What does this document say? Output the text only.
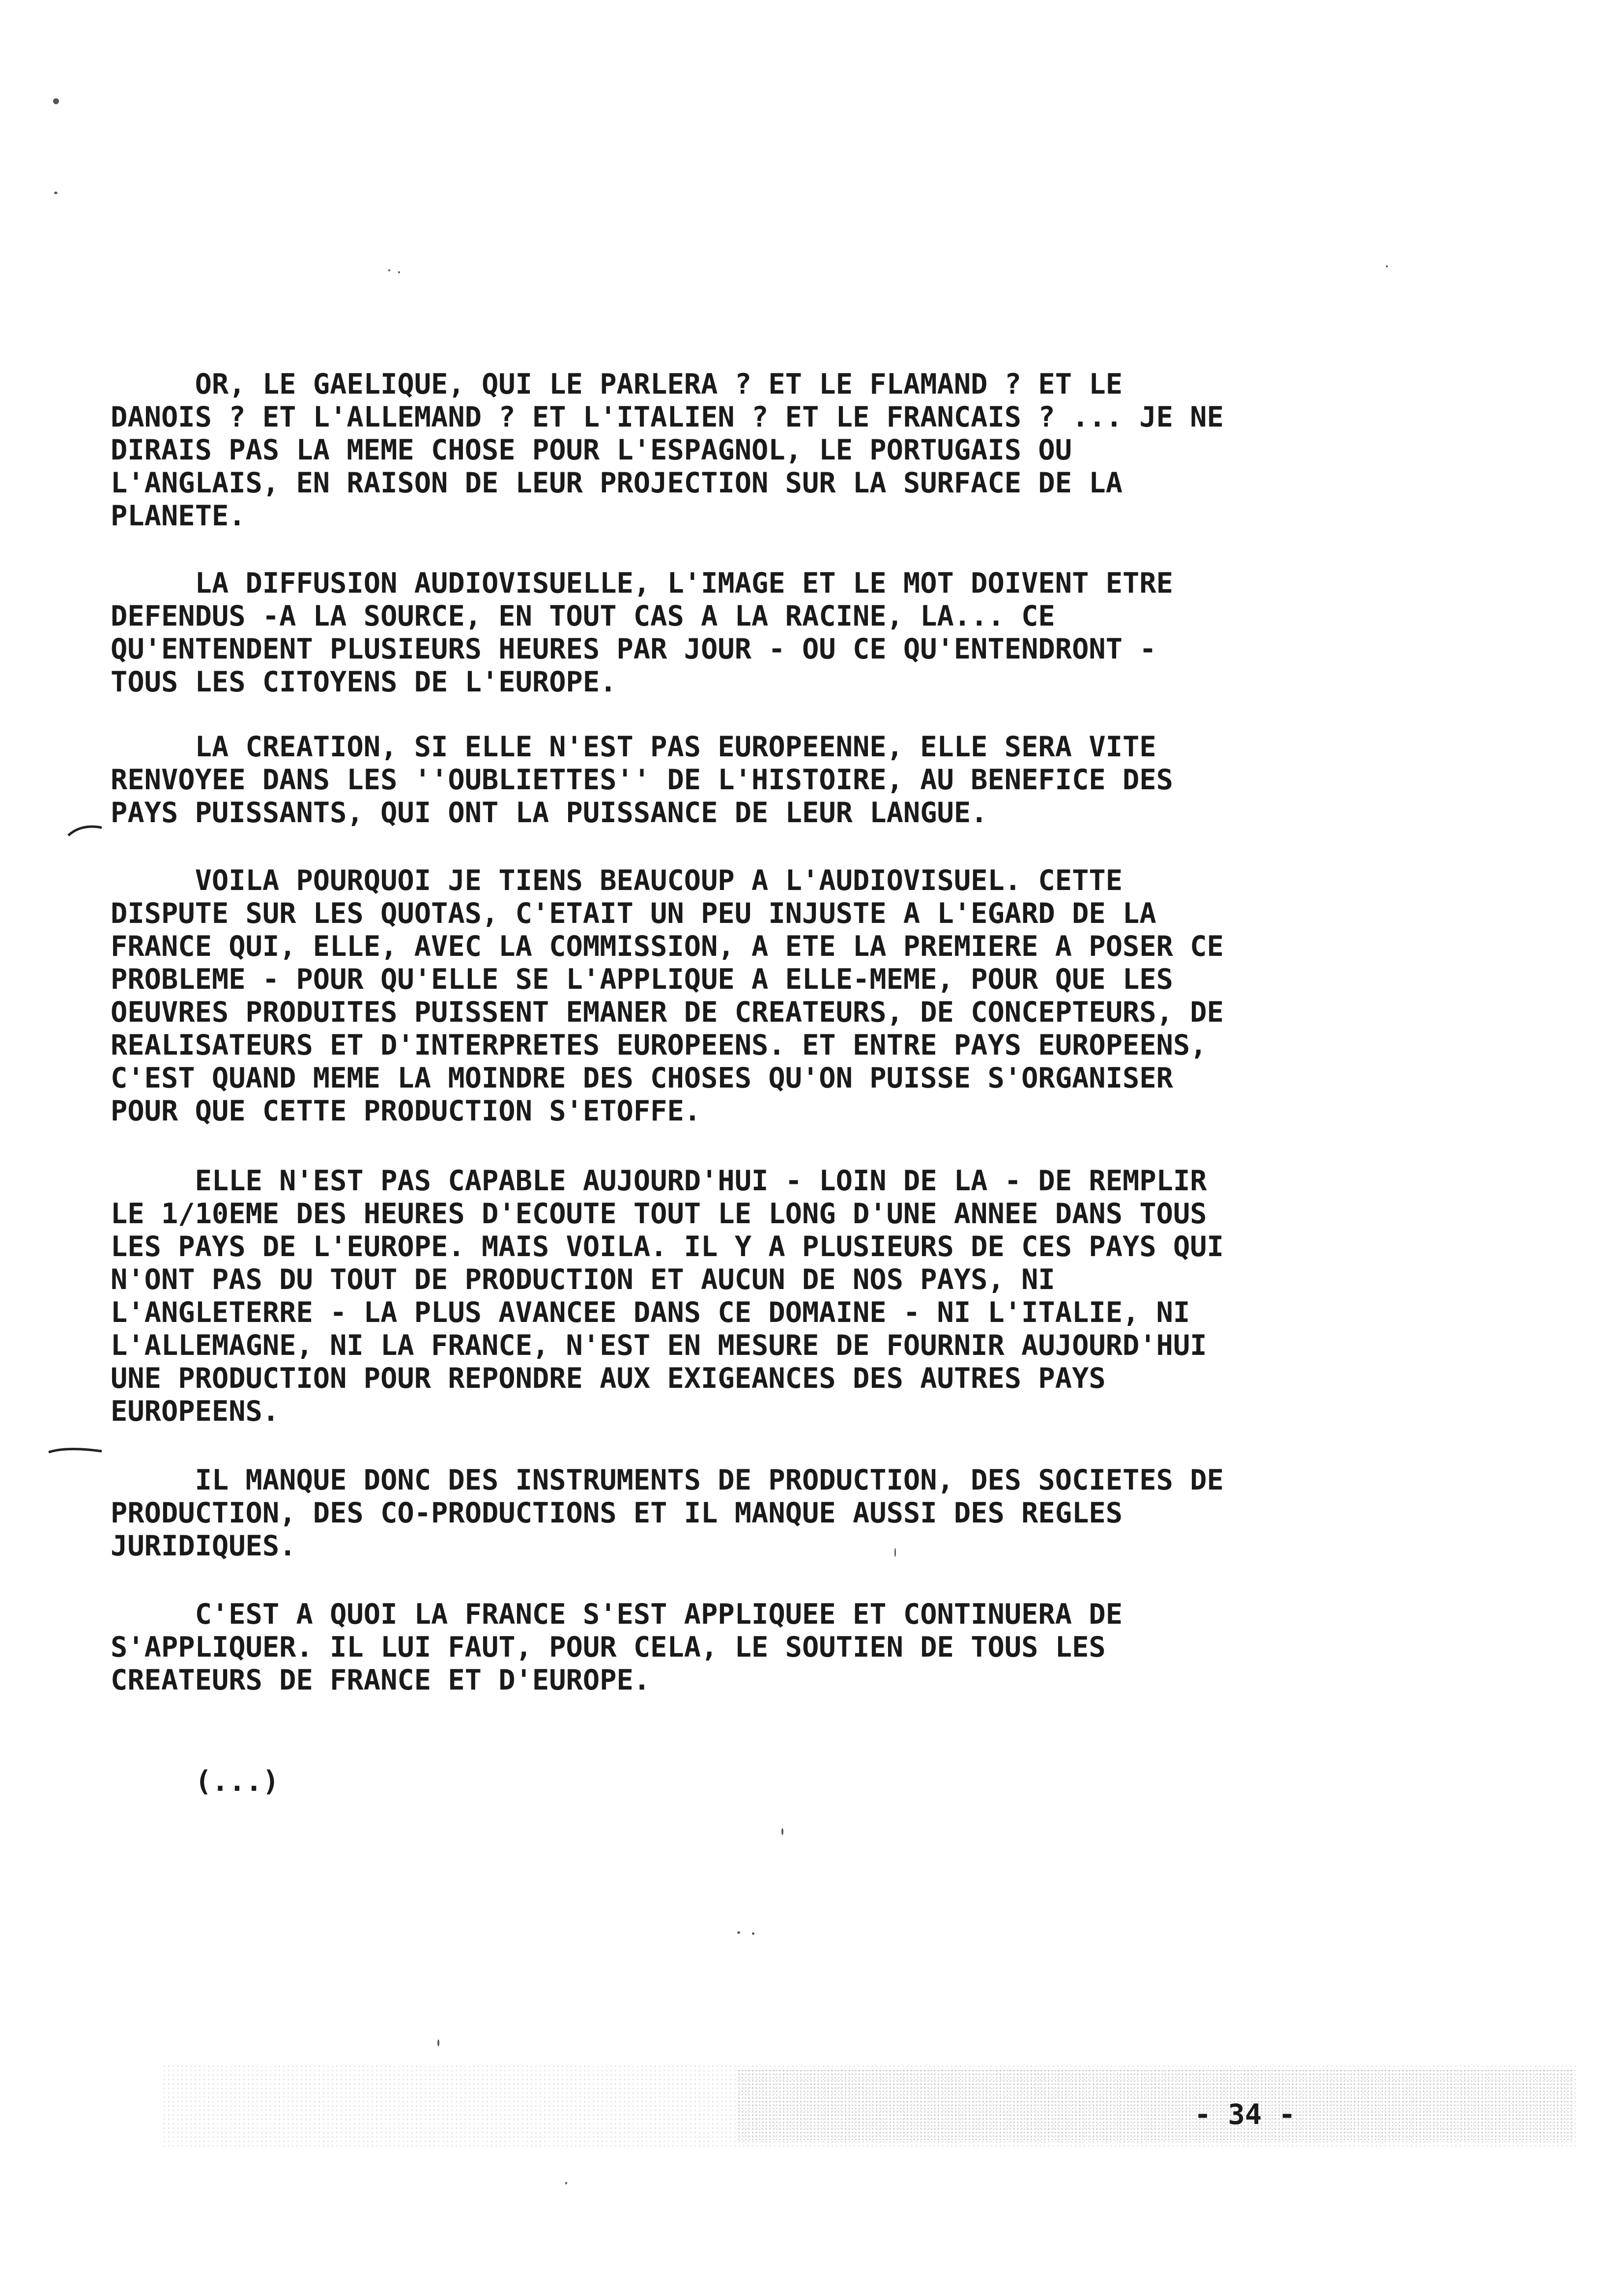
OR, LE GAELIQUE, QUI LE PARLERA ? ET LE FLAMAND ? ET LE
DANOIS ? ET L'ALLEMAND ? ET L'ITALIEN ? ET LE FRANCAIS ? ... JE NE
DIRAIS PAS LA MEME CHOSE POUR L'ESPAGNOL, LE PORTUGAIS OU
L'ANGLAIS, EN RAISON DE LEUR PROJECTION SUR LA SURFACE DE LA
PLANETE.

LA DIFFUSION AUDIOVISUELLE, L'IMAGE ET LE MOT DOIVENT ETRE
DEFENDUS -A LA SOURCE, EN TOUT CAS A LA RACINE, LA... CE
QU'ENTENDENT PLUSIEURS HEURES PAR JOUR - OU CE QU'ENTENDRONT -
TOUS LES CITOYENS DE L'EUROPE.

LA CREATION, SI ELLE N'EST PAS EUROPEENNE, ELLE SERA VITE
RENVOYEE DANS LES ''OUBLIETTES'' DE L'HISTOIRE, AU BENEFICE DES
PAYS PUISSANTS, QUI ONT LA PUISSANCE DE LEUR LANGUE.

VOILA POURQUOI JE TIENS BEAUCOUP A L'AUDIOVISUEL. CETTE
DISPUTE SUR LES QUOTAS, C'ETAIT UN PEU INJUSTE A L'EGARD DE LA
FRANCE QUI, ELLE, AVEC LA COMMISSION, A ETE LA PREMIERE A POSER CE
PROBLEME - POUR QU'ELLE SE L'APPLIQUE A ELLE-MEME, POUR QUE LES
OEUVRES PRODUITES PUISSENT EMANER DE CREATEURS, DE CONCEPTEURS, DE
REALISATEURS ET D'INTERPRETES EUROPEENS. ET ENTRE PAYS EUROPEENS,
C'EST QUAND MEME LA MOINDRE DES CHOSES QU'ON PUISSE S'ORGANISER
POUR QUE CETTE PRODUCTION S'ETOFFE.

ELLE N'EST PAS CAPABLE AUJOURD'HUI - LOIN DE LA - DE REMPLIR
LE 1/10EME DES HEURES D'ECOUTE TOUT LE LONG D'UNE ANNEE DANS TOUS
LES PAYS DE L'EUROPE. MAIS VOILA. IL Y A PLUSIEURS DE CES PAYS QUI
N'ONT PAS DU TOUT DE PRODUCTION ET AUCUN DE NOS PAYS, NI
L'ANGLETERRE - LA PLUS AVANCEE DANS CE DOMAINE - NI L'ITALIE, NI
L'ALLEMAGNE, NI LA FRANCE, N'EST EN MESURE DE FOURNIR AUJOURD'HUI
UNE PRODUCTION POUR REPONDRE AUX EXIGEANCES DES AUTRES PAYS
EUROPEENS.

IL MANQUE DONC DES INSTRUMENTS DE PRODUCTION, DES SOCIETES DE
PRODUCTION, DES CO-PRODUCTIONS ET IL MANQUE AUSSI DES REGLES
JURIDIQUES.

C'EST A QUOI LA FRANCE S'EST APPLIQUEE ET CONTINUERA DE
S'APPLIQUER. IL LUI FAUT, POUR CELA, LE SOUTIEN DE TOUS LES
CREATEURS DE FRANCE ET D'EUROPE.

(...)
- 34 -
